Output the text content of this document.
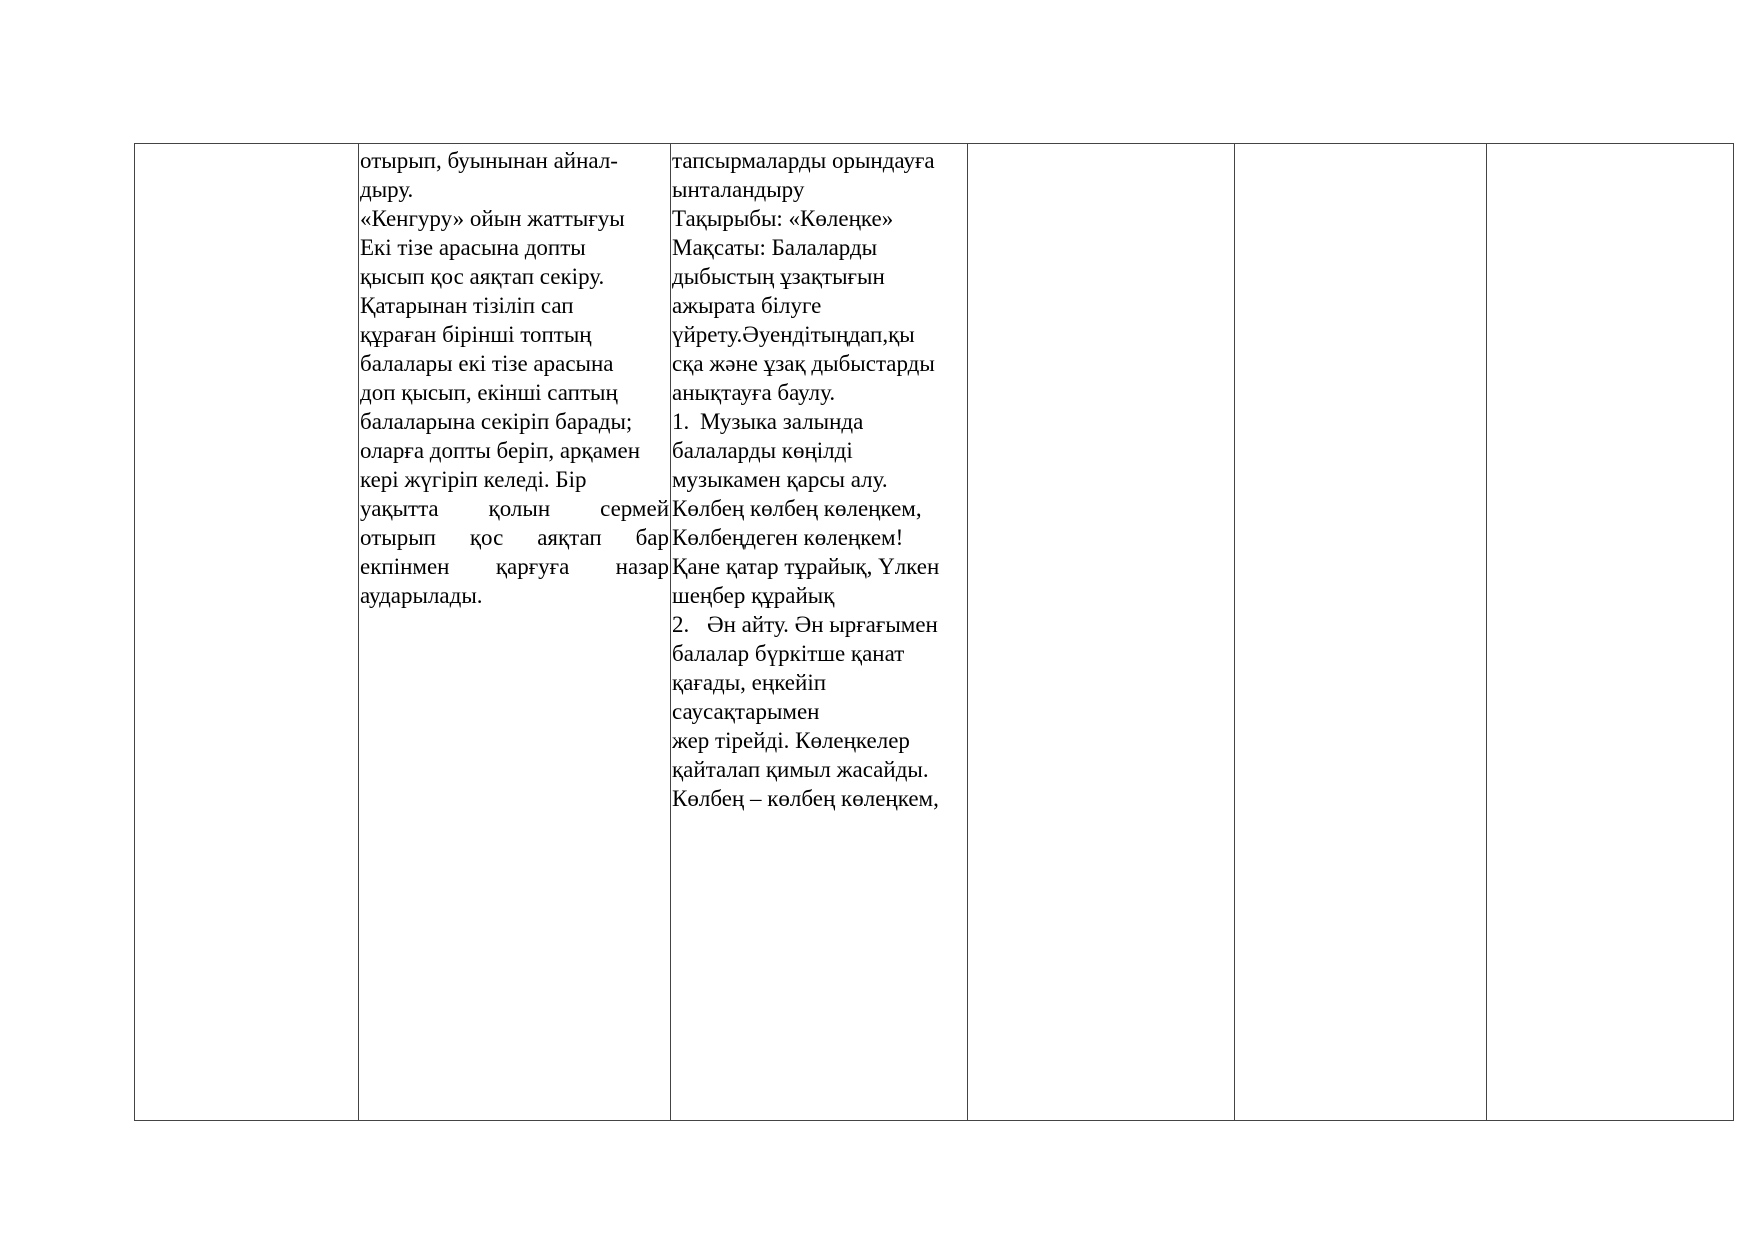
отырып, буынынан айнал-
дыру.
«Кенгуру» ойын жаттығуы
Екі тізе арасына допты
қысып қос аяқтап секіру.
Қатарынан тізіліп сап
құраған бірінші топтың
балалары екі тізе арасына
доп қысып, екінші саптың
балаларына секіріп барады;
оларға допты беріп, арқамен
кері жүгіріп келеді. Бір
уақытта қолын сермей
отырып қос аяқтап бар
екпінмен қарғуға назар
аударылады.
тапсырмаларды орындауға
ынталандыру
Тақырыбы: «Көлеңке»
Мақсаты: Балаларды
дыбыстың ұзақтығын
ажырата білуге
үйрету.Әуендітыңдап,қы
сқа және ұзақ дыбыстарды
анықтауға баулу.
1. Музыка залында
балаларды көңілді
музыкамен қарсы алу.
Көлбең көлбең көлеңкем,
Көлбеңдеген көлеңкем!
Қане қатар тұрайық, Үлкен
шеңбер құрайық
2. Ән айту. Ән ырғағымен
балалар бүркітше қанат
қағады, еңкейіп
саусақтарымен
жер тірейді. Көлеңкелер
қайталап қимыл жасайды.
Көлбең – көлбең көлеңкем,
